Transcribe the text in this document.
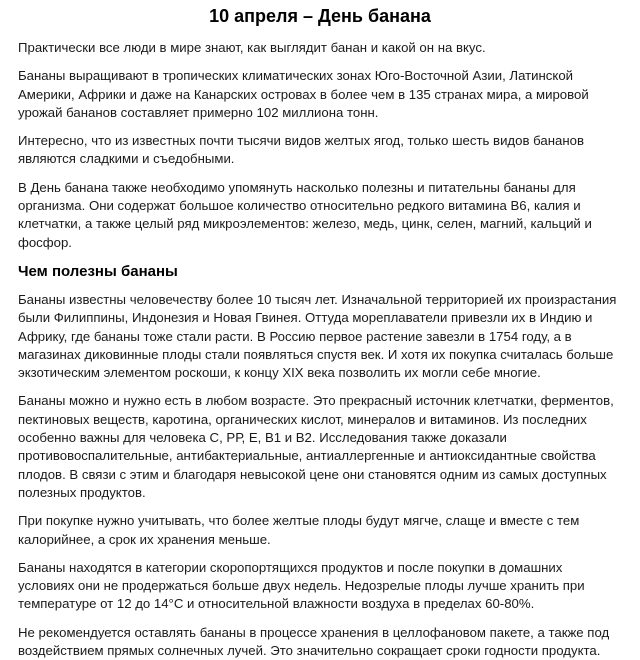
10 апреля – День банана

Практически все люди в мире знают, как выглядит банан и какой он на вкус.

Бананы выращивают в тропических климатических зонах Юго-Восточной Азии, Латинской Америки, Африки и даже на Канарских островах в более чем в 135 странах мира, а мировой урожай бананов составляет примерно 102 миллиона тонн.

Интересно, что из известных почти тысячи видов желтых ягод, только шесть видов бананов являются сладкими и съедобными.

В День банана также необходимо упомянуть насколько полезны и питательны бананы для организма. Они содержат большое количество относительно редкого витамина В6, калия и клетчатки, а также целый ряд микроэлементов: железо, медь, цинк, селен, магний, кальций и фосфор.

Чем полезны бананы

Бананы известны человечеству более 10 тысяч лет. Изначальной территорией их произрастания были Филиппины, Индонезия и Новая Гвинея. Оттуда мореплаватели привезли их в Индию и Африку, где бананы тоже стали расти. В Россию первое растение завезли в 1754 году, а в магазинах диковинные плоды стали появляться спустя век. И хотя их покупка считалась больше экзотическим элементом роскоши, к концу XIX века позволить их могли себе многие.

Бананы можно и нужно есть в любом возрасте. Это прекрасный источник клетчатки, ферментов, пектиновых веществ, каротина, органических кислот, минералов и витаминов. Из последних особенно важны для человека С, РР, Е, В1 и В2. Исследования также доказали противовоспалительные, антибактериальные, антиаллергенные и антиоксидантные свойства плодов. В связи с этим и благодаря невысокой цене они становятся одним из самых доступных полезных продуктов.

При покупке нужно учитывать, что более желтые плоды будут мягче, слаще и вместе с тем калорийнее, а срок их хранения меньше.

Бананы находятся в категории скоропортящихся продуктов и после покупки в домашних условиях они не продержаться больше двух недель. Недозрелые плоды лучше хранить при температуре от 12 до 14°С и относительной влажности воздуха в пределах 60-80%.

Не рекомендуется оставлять бананы в процессе хранения в целлофановом пакете, а также под воздействием прямых солнечных лучей. Это значительно сокращает сроки годности продукта.
